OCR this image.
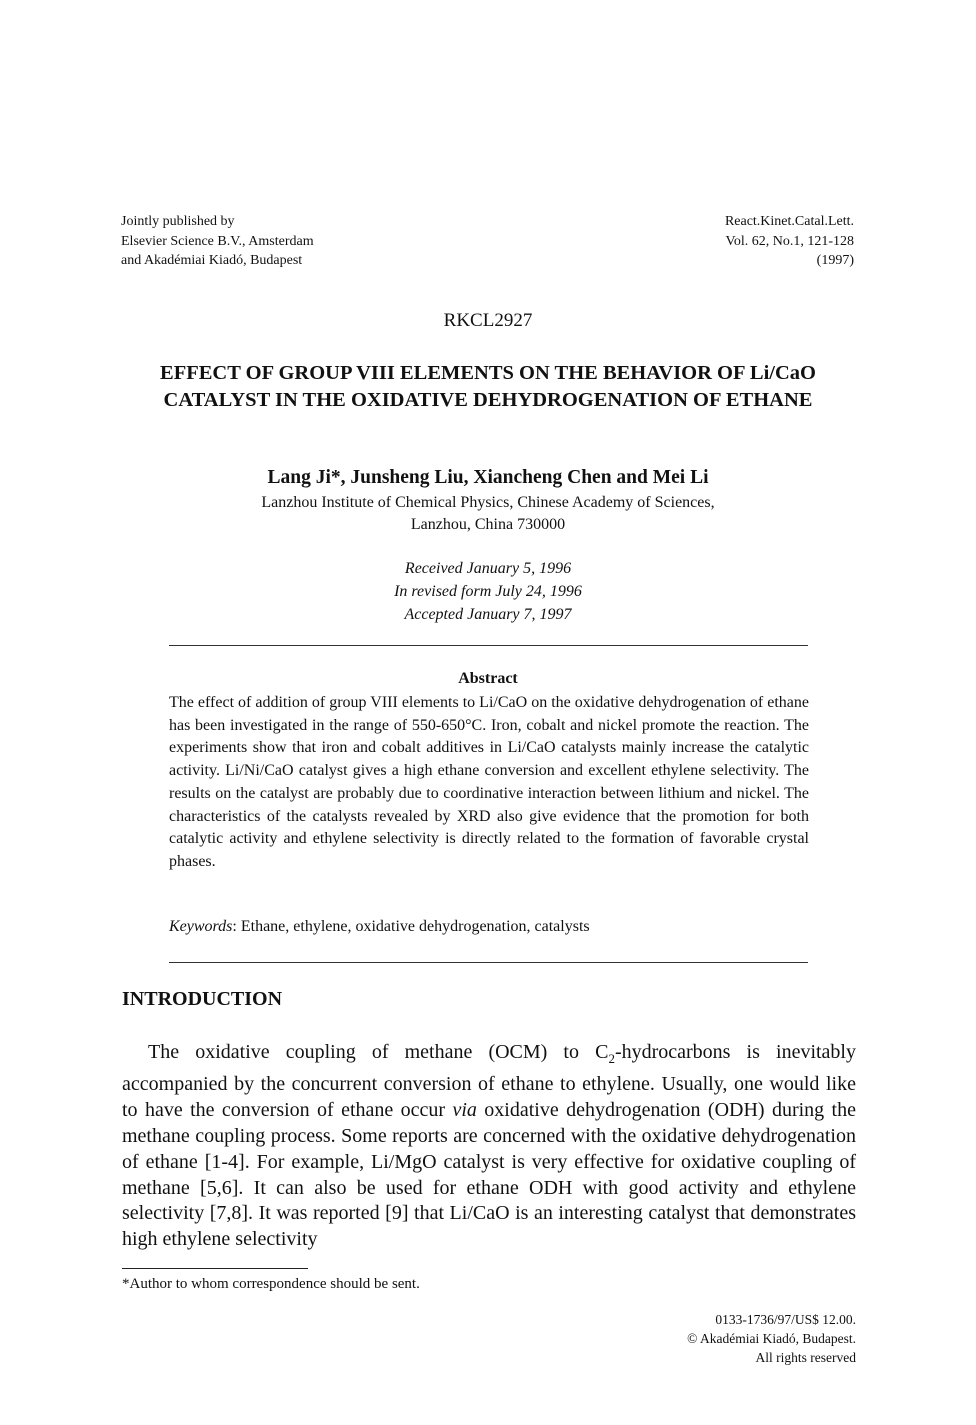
Jointly published by
Elsevier Science B.V., Amsterdam
and Akadémiai Kiadó, Budapest
React.Kinet.Catal.Lett.
Vol. 62, No.1, 121-128
(1997)
RKCL2927
EFFECT OF GROUP VIII ELEMENTS ON THE BEHAVIOR OF Li/CaO CATALYST IN THE OXIDATIVE DEHYDROGENATION OF ETHANE
Lang Ji*, Junsheng Liu, Xiancheng Chen and Mei Li
Lanzhou Institute of Chemical Physics, Chinese Academy of Sciences,
Lanzhou, China 730000
Received January 5, 1996
In revised form July 24, 1996
Accepted January 7, 1997
Abstract

The effect of addition of group VIII elements to Li/CaO on the oxidative dehydrogenation of ethane has been investigated in the range of 550-650°C. Iron, cobalt and nickel promote the reaction. The experiments show that iron and cobalt additives in Li/CaO catalysts mainly increase the catalytic activity. Li/Ni/CaO catalyst gives a high ethane conversion and excellent ethylene selectivity. The results on the catalyst are probably due to coordinative interaction between lithium and nickel. The characteristics of the catalysts revealed by XRD also give evidence that the promotion for both catalytic activity and ethylene selectivity is directly related to the formation of favorable crystal phases.

Keywords: Ethane, ethylene, oxidative dehydrogenation, catalysts
INTRODUCTION

The oxidative coupling of methane (OCM) to $C_2$-hydrocarbons is inevitably accompanied by the concurrent conversion of ethane to ethylene. Usually, one would like to have the conversion of ethane occur via oxidative dehydrogenation (ODH) during the methane coupling process. Some reports are concerned with the oxidative dehydrogenation of ethane [1-4]. For example, Li/MgO catalyst is very effective for oxidative coupling of methane [5,6]. It can also be used for ethane ODH with good activity and ethylene selectivity [7,8]. It was reported [9] that Li/CaO is an interesting catalyst that demonstrates high ethylene selectivity

*Author to whom correspondence should be sent.
0133-1736/97/US$ 12.00.
© Akadémiai Kiadó, Budapest.
All rights reserved
